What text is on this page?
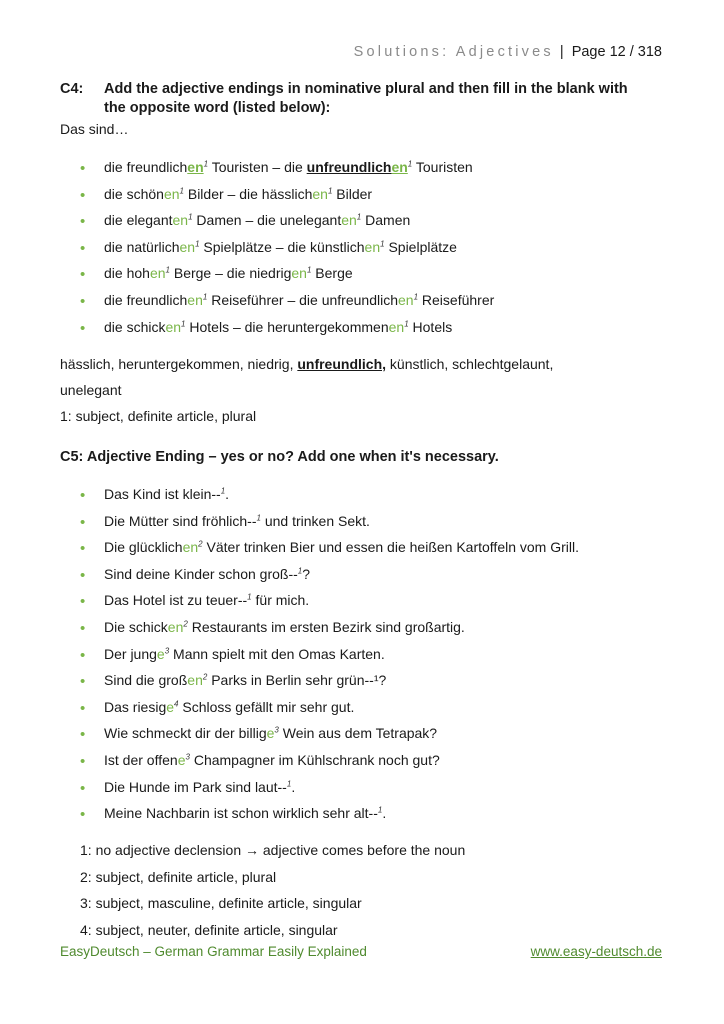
Solutions: Adjectives | Page 12 / 318
C4: Add the adjective endings in nominative plural and then fill in the blank with
the opposite word (listed below):
Das sind…
• die freundlichen$^1$ Touristen – die unfreundlichen$^1$ Touristen
• die schönen$^1$ Bilder – die hässlichen$^1$ Bilder
• die eleganten$^1$ Damen – die uneleganten$^1$ Damen
• die natürlichen$^1$ Spielplätze – die künstlichen$^1$ Spielplätze
• die hohen$^1$ Berge – die niedrigen$^1$ Berge
• die freundlichen$^1$ Reiseführer – die unfreundlichen$^1$ Reiseführer
• die schicken$^1$ Hotels – die heruntergekommenen$^1$ Hotels
hässlich, heruntergekommen, niedrig, unfreundlich, künstlich, schlechtgelaunt,
unelegant
1: subject, definite article, plural
C5: Adjective Ending – yes or no? Add one when it's necessary.
• Das Kind ist klein--$^1$.
• Die Mütter sind fröhlich--$^1$ und trinken Sekt.
• Die glücklichen$^2$ Väter trinken Bier und essen die heißen Kartoffeln vom Grill.
• Sind deine Kinder schon groß--$^1$?
• Das Hotel ist zu teuer--$^1$ für mich.
• Die schicken$^2$ Restaurants im ersten Bezirk sind großartig.
• Der junge$^3$ Mann spielt mit den Omas Karten.
• Sind die großen$^2$ Parks in Berlin sehr grün--¹?
• Das riesige$^4$ Schloss gefällt mir sehr gut.
• Wie schmeckt dir der billige$^3$ Wein aus dem Tetrapak?
• Ist der offene$^3$ Champagner im Kühlschrank noch gut?
• Die Hunde im Park sind laut--$^1$.
• Meine Nachbarin ist schon wirklich sehr alt--$^1$.
1: no adjective declension → adjective comes before the noun
2: subject, definite article, plural
3: subject, masculine, definite article, singular
4: subject, neuter, definite article, singular
EasyDeutsch – German Grammar Easily Explained	www.easy-deutsch.de
